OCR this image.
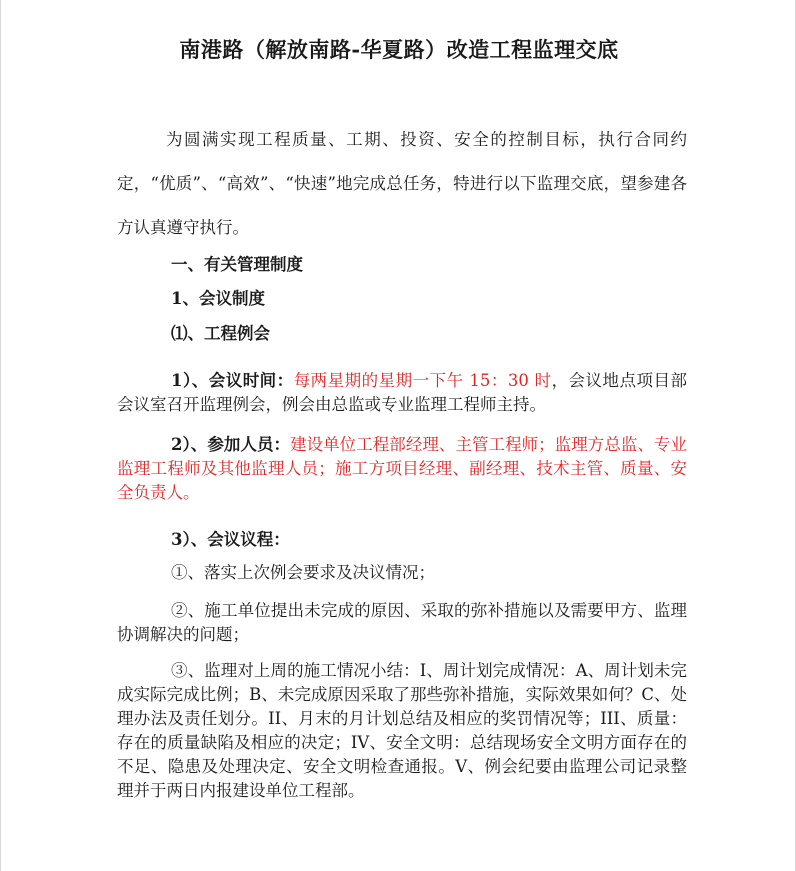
南港路（解放南路-华夏路）改造工程监理交底

为圆满实现工程质量、工期、投资、安全的控制目标，执行合同约定，“优质”、“高效”、“快速”地完成总任务，特进行以下监理交底，望参建各方认真遵守执行。

一、有关管理制度

1、会议制度

⑴、工程例会

1）、会议时间：每两星期的星期一下午 15：30 时，会议地点项目部会议室召开监理例会，例会由总监或专业监理工程师主持。

2）、参加人员：建设单位工程部经理、主管工程师；监理方总监、专业监理工程师及其他监理人员；施工方项目经理、副经理、技术主管、质量、安全负责人。

3）、会议议程：

①、落实上次例会要求及决议情况；

②、施工单位提出未完成的原因、采取的弥补措施以及需要甲方、监理协调解决的问题；

③、监理对上周的施工情况小结：I、周计划完成情况：A、周计划未完成实际完成比例；B、未完成原因采取了那些弥补措施，实际效果如何？C、处理办法及责任划分。II、月末的月计划总结及相应的奖罚情况等；III、质量：存在的质量缺陷及相应的决定；IV、安全文明：总结现场安全文明方面存在的不足、隐患及处理决定、安全文明检查通报。V、例会纪要由监理公司记录整理并于两日内报建设单位工程部。
